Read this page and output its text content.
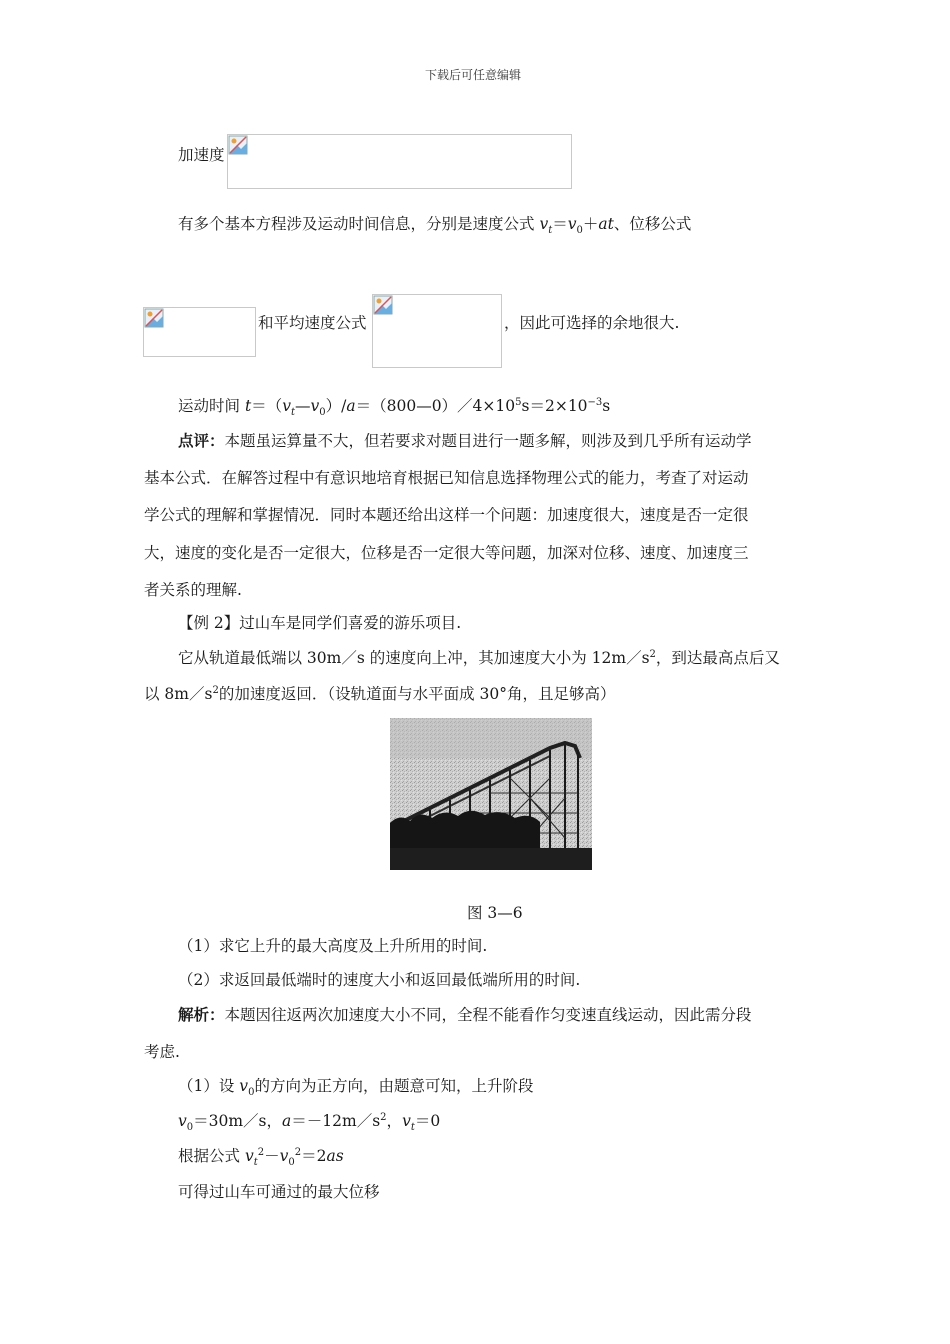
下载后可任意编辑
加速度
有多个基本方程涉及运动时间信息，分别是速度公式 $v_t=v_0+at$、位移公式
和平均速度公式	，因此可选择的余地很大.
运动时间 $t=(v_t—v_0)/a=(800—0)/4\times 10^5s=2\times 10^{-3}s$
点评：本题虽运算量不大，但若要求对题目进行一题多解，则涉及到几乎所有运动学
基本公式．在解答过程中有意识地培育根据已知信息选择物理公式的能力，考查了对运动
学公式的理解和掌握情况．同时本题还给出这样一个问题：加速度很大，速度是否一定很
大，速度的变化是否一定很大，位移是否一定很大等问题，加深对位移、速度、加速度三
者关系的理解.
【例 2】过山车是同学们喜爱的游乐项目.
它从轨道最低端以 30m／s 的速度向上冲，其加速度大小为 $12m/s^2$，到达最高点后又
以 $8m/s^2$的加速度返回．（设轨道面与水平面成 30°角，且足够高）
图 3—6
（1）求它上升的最大高度及上升所用的时间.
（2）求返回最低端时的速度大小和返回最低端所用的时间.
解析：本题因往返两次加速度大小不同，全程不能看作匀变速直线运动，因此需分段
考虑.
（1）设 $v_0$的方向为正方向，由题意可知，上升阶段
$v_0=30m/s$，$a=-12m/s^2$，$v_t=0$
根据公式 $v_t^2-v_0^2=2as$
可得过山车可通过的最大位移
